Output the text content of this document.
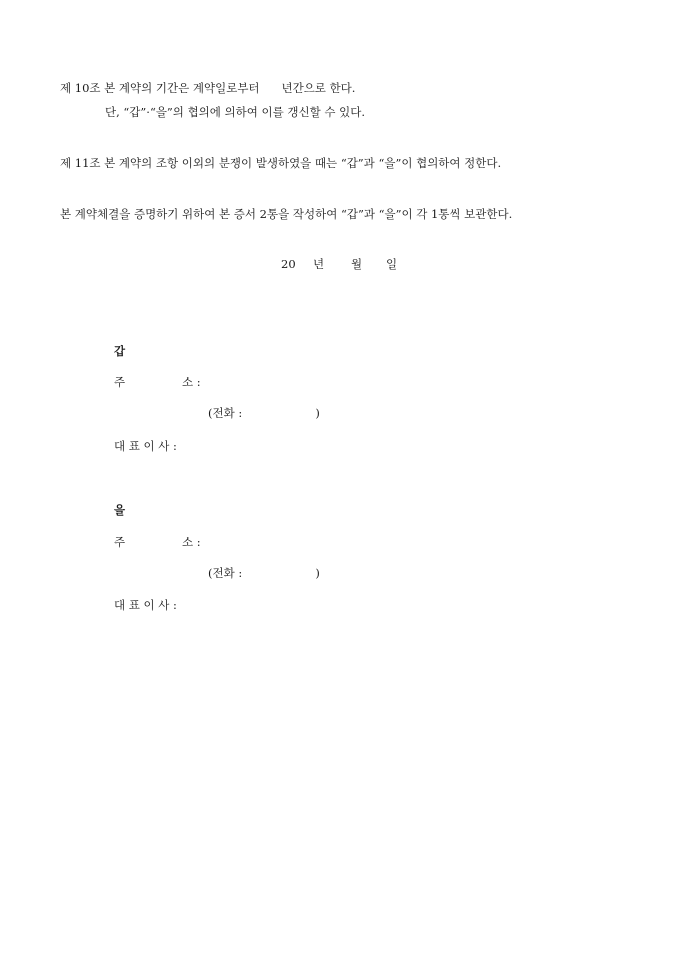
제 10조 본 계약의 기간은 계약일로부터      년간으로 한다.
단, “갑”·“을”의 협의에 의하여 이를 갱신할 수 있다.
제 11조 본 계약의 조항 이외의 분쟁이 발생하였을 때는 “갑”과 “을”이 협의하여 정한다.
본 계약체결을 증명하기 위하여 본 증서 2통을 작성하여 “갑”과 “을”이 각 1통씩 보관한다.
20 년 월 일
갑
주	소 :
(전화 :                    )
대 표 이 사 :
을
주	소 :
(전화 :                    )
대 표 이 사 :
